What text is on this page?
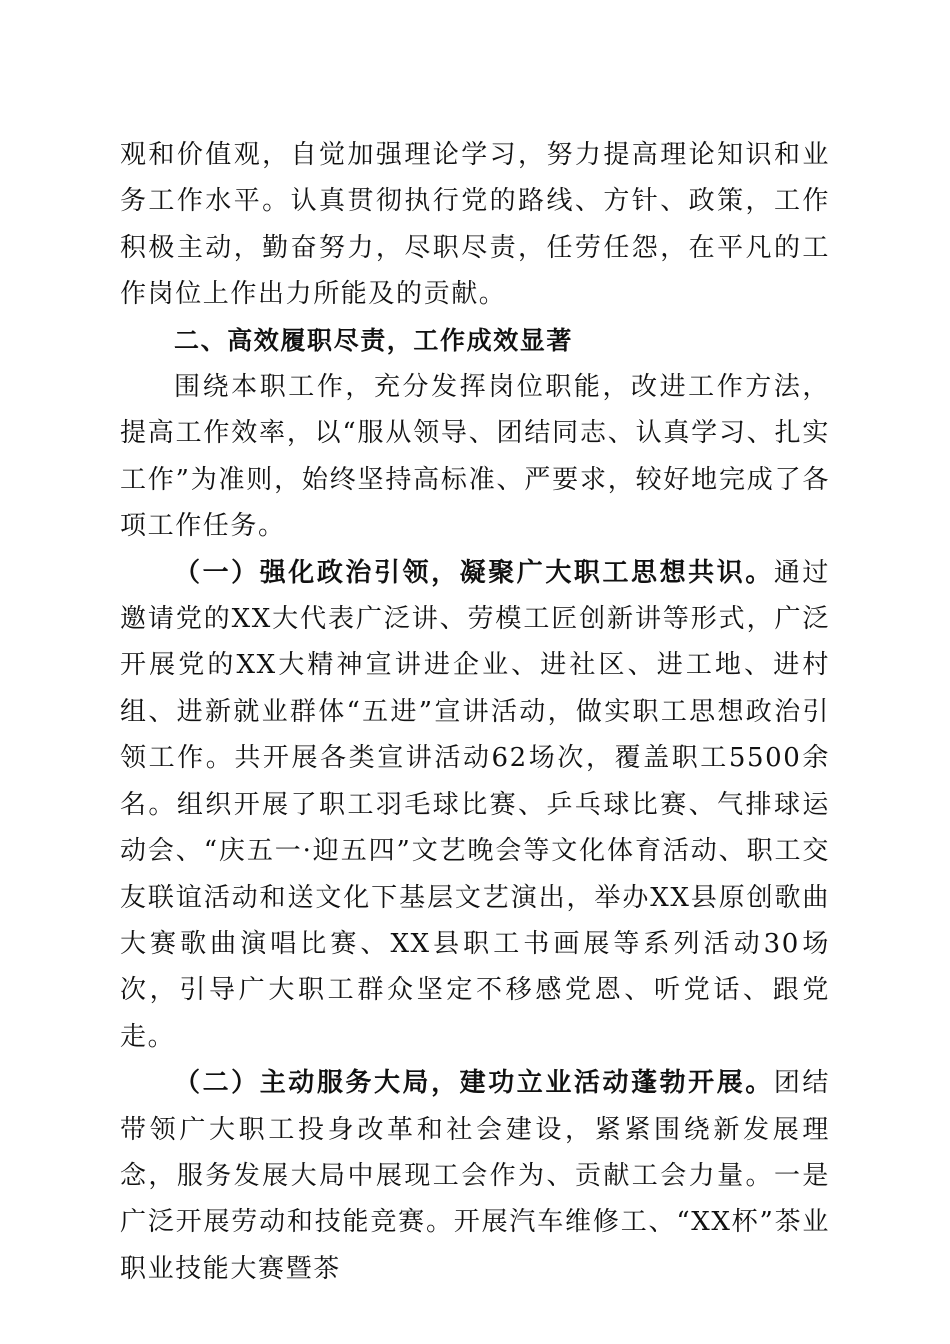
观和价值观，自觉加强理论学习，努力提高理论知识和业务工作水平。认真贯彻执行党的路线、方针、政策，工作积极主动，勤奋努力，尽职尽责，任劳任怨，在平凡的工作岗位上作出力所能及的贡献。

二、高效履职尽责，工作成效显著

围绕本职工作，充分发挥岗位职能，改进工作方法，提高工作效率，以“服从领导、团结同志、认真学习、扎实工作”为准则，始终坚持高标准、严要求，较好地完成了各项工作任务。

（一）强化政治引领，凝聚广大职工思想共识。通过邀请党的XX大代表广泛讲、劳模工匠创新讲等形式，广泛开展党的XX大精神宣讲进企业、进社区、进工地、进村组、进新就业群体“五进”宣讲活动，做实职工思想政治引领工作。共开展各类宣讲活动62场次，覆盖职工5500余名。组织开展了职工羽毛球比赛、乒乓球比赛、气排球运动会、“庆五一·迎五四”文艺晚会等文化体育活动、职工交友联谊活动和送文化下基层文艺演出，举办XX县原创歌曲大赛歌曲演唱比赛、XX县职工书画展等系列活动30场次，引导广大职工群众坚定不移感党恩、听党话、跟党走。

（二）主动服务大局，建功立业活动蓬勃开展。团结带领广大职工投身改革和社会建设，紧紧围绕新发展理念，服务发展大局中展现工会作为、贡献工会力量。一是广泛开展劳动和技能竞赛。开展汽车维修工、“XX杯”茶业职业技能大赛暨茶
